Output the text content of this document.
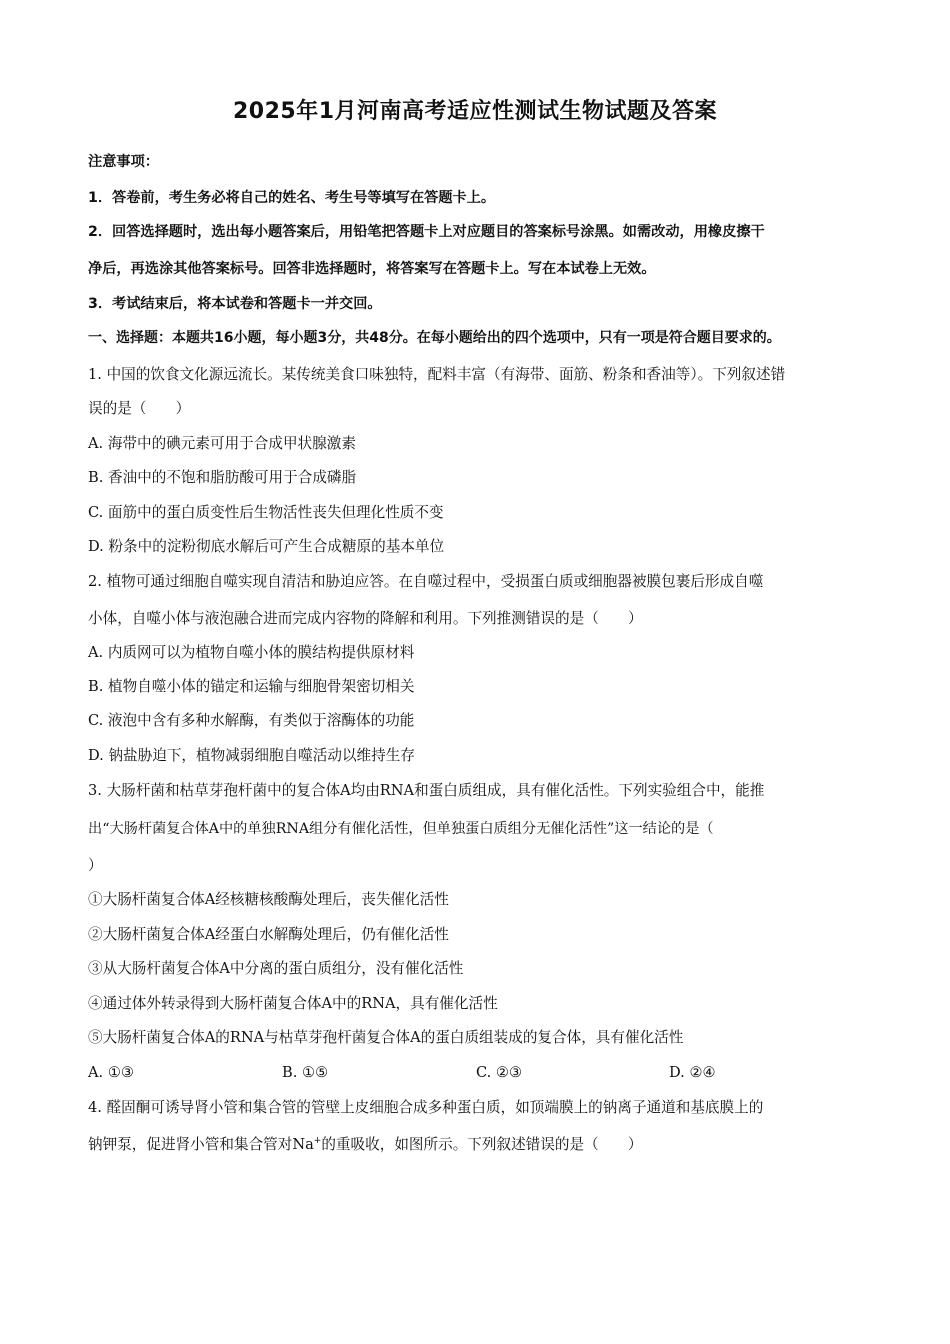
2025年1月河南高考适应性测试生物试题及答案
注意事项：
1．答卷前，考生务必将自己的姓名、考生号等填写在答题卡上。
2．回答选择题时，选出每小题答案后，用铅笔把答题卡上对应题目的答案标号涂黑。如需改动，用橡皮擦干
净后，再选涂其他答案标号。回答非选择题时，将答案写在答题卡上。写在本试卷上无效。
3．考试结束后，将本试卷和答题卡一并交回。
一、选择题：本题共16小题，每小题3分，共48分。在每小题给出的四个选项中，只有一项是符合题目要求的。
1. 中国的饮食文化源远流长。某传统美食口味独特，配料丰富（有海带、面筋、粉条和香油等）。下列叙述错
误的是（　　）
A. 海带中的碘元素可用于合成甲状腺激素
B. 香油中的不饱和脂肪酸可用于合成磷脂
C. 面筋中的蛋白质变性后生物活性丧失但理化性质不变
D. 粉条中的淀粉彻底水解后可产生合成糖原的基本单位
2. 植物可通过细胞自噬实现自清洁和胁迫应答。在自噬过程中，受损蛋白质或细胞器被膜包裹后形成自噬
小体，自噬小体与液泡融合进而完成内容物的降解和利用。下列推测错误的是（　　）
A. 内质网可以为植物自噬小体的膜结构提供原材料
B. 植物自噬小体的锚定和运输与细胞骨架密切相关
C. 液泡中含有多种水解酶，有类似于溶酶体的功能
D. 钠盐胁迫下，植物减弱细胞自噬活动以维持生存
3. 大肠杆菌和枯草芽孢杆菌中的复合体A均由RNA和蛋白质组成，具有催化活性。下列实验组合中，能推
出“大肠杆菌复合体A中的单独RNA组分有催化活性，但单独蛋白质组分无催化活性”这一结论的是（
）
①大肠杆菌复合体A经核糖核酸酶处理后，丧失催化活性
②大肠杆菌复合体A经蛋白水解酶处理后，仍有催化活性
③从大肠杆菌复合体A中分离的蛋白质组分，没有催化活性
④通过体外转录得到大肠杆菌复合体A中的RNA，具有催化活性
⑤大肠杆菌复合体A的RNA与枯草芽孢杆菌复合体A的蛋白质组装成的复合体，具有催化活性
A. ①③	B. ①⑤	C. ②③	D. ②④
4. 醛固酮可诱导肾小管和集合管的管壁上皮细胞合成多种蛋白质，如顶端膜上的钠离子通道和基底膜上的
钠钾泵，促进肾小管和集合管对Na+的重吸收，如图所示。下列叙述错误的是（　　）
